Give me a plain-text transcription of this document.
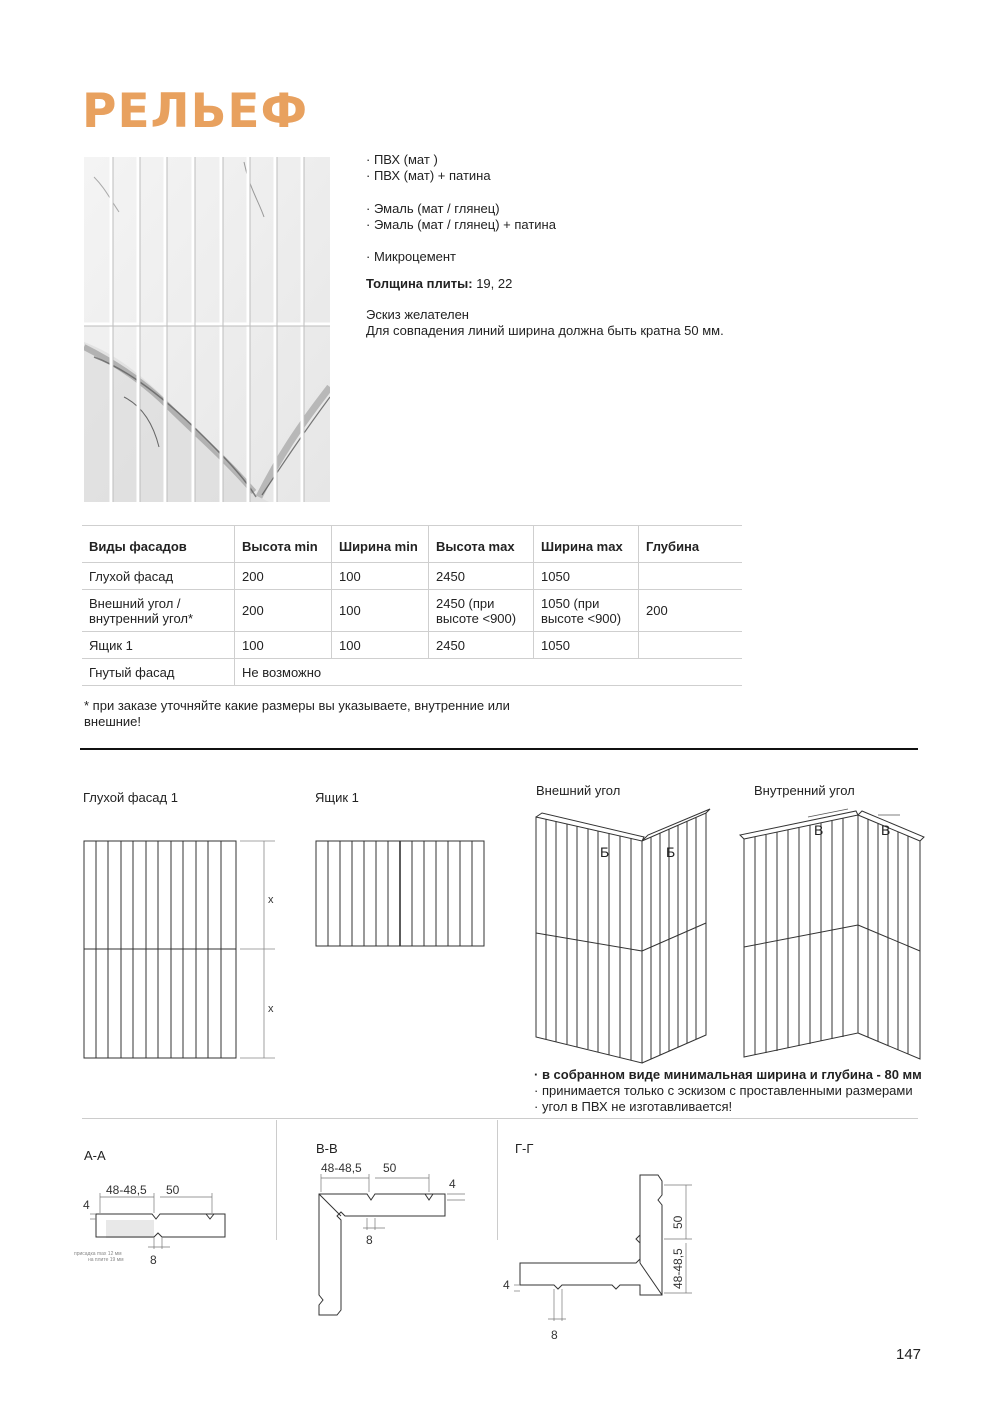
РЕЛЬЕФ
· ПВХ (мат )
· ПВХ (мат) + патина
· Эмаль (мат / глянец)
· Эмаль (мат / глянец) + патина
· Микроцемент
Толщина плиты: 19, 22
Эскиз желателен
Для совпадения линий ширина должна быть кратна 50 мм.
Виды фасадов	Высота min	Ширина min	Высота max	Ширина max	Глубина
Глухой фасад	200	100	2450	1050	
Внешний угол / внутренний угол*	200	100	2450 (при высоте <900)	1050 (при высоте <900)	200
Ящик 1	100	100	2450	1050	
Гнутый фасад	Не возможно				
* при заказе уточняйте какие размеры вы указываете, внутренние или внешние!
Глухой фасад 1	Ящик 1	Внешний угол	Внутренний угол
x
x
Б	Б
В	В
· в собранном виде минимальная ширина и глубина - 80 мм
· принимается только с эскизом с проставленными размерами
· угол в ПВХ не изготавливается!
А-А	В-В	Г-Г
48-48,5 50
4
8
присадка max 12 мм
на плите 19 мм
48-48,5 50
4
8
50
48-48,5
4
8
147
